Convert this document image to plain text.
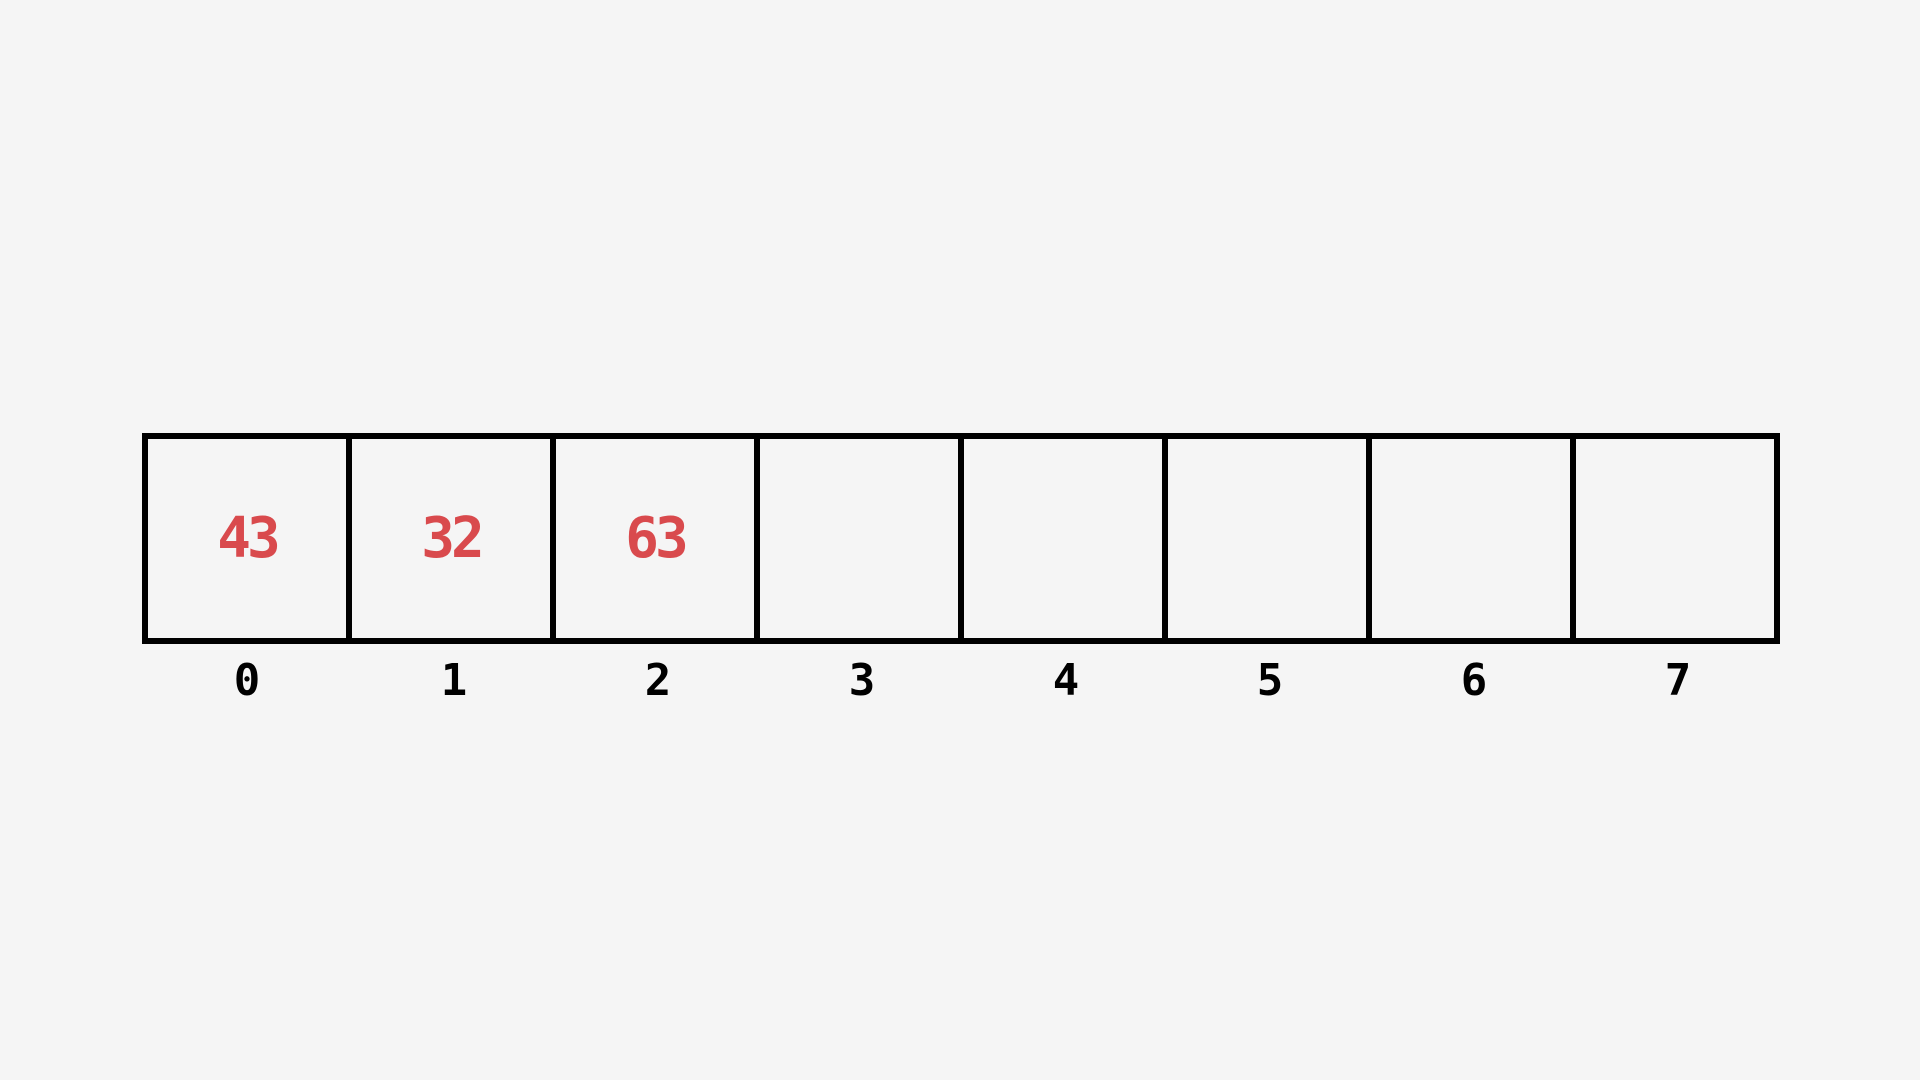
43	32	63
0	1	2	3	4	5	6	7
